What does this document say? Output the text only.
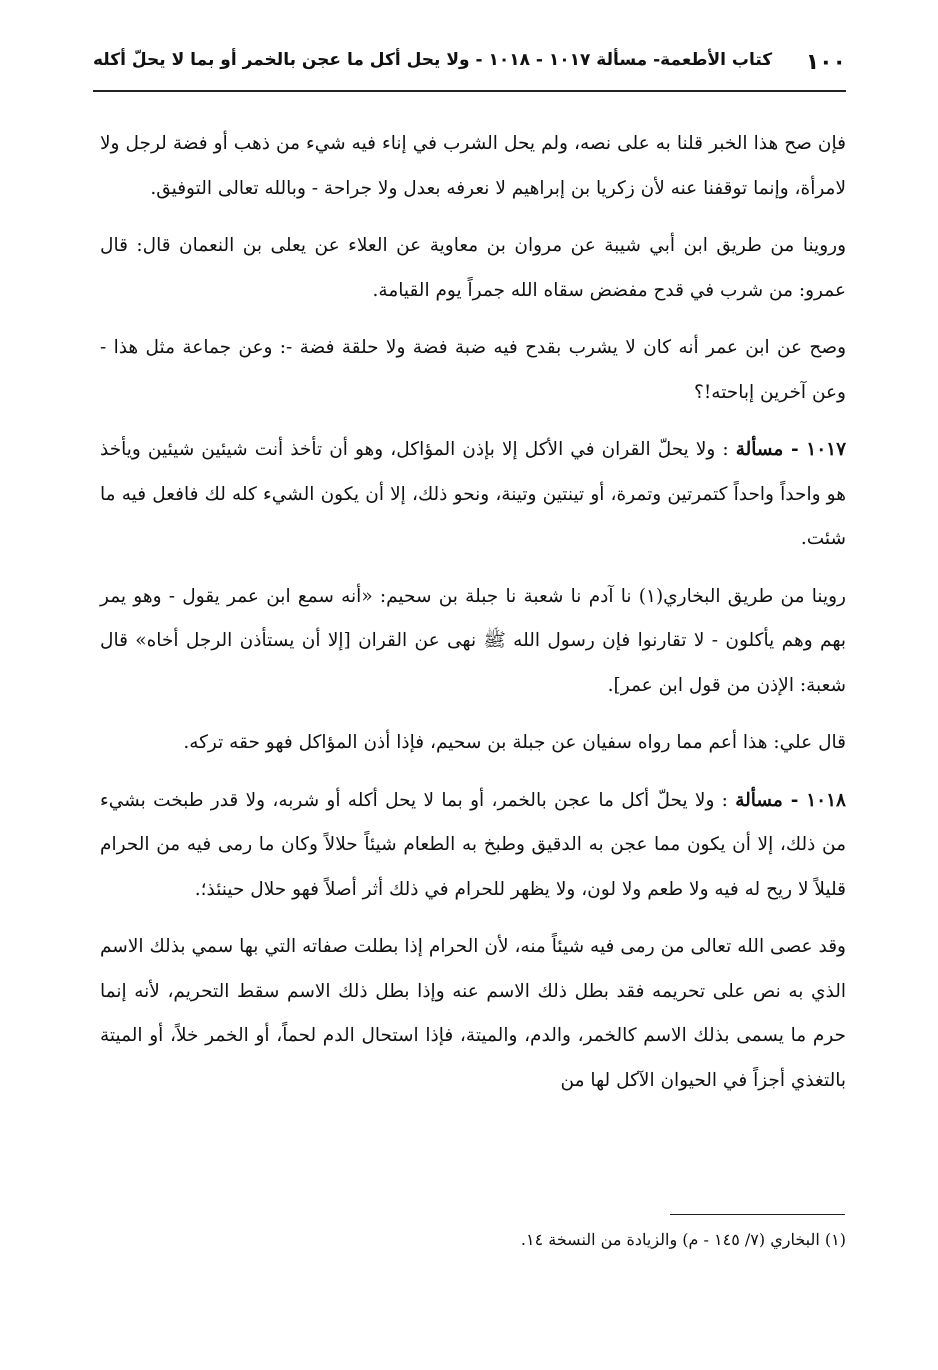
١٠٠
كتاب الأطعمة- مسألة ١٠١٧ - ١٠١٨ - ولا يحل أكل ما عجن بالخمر أو بما لا يحلّ أكله

فإن صح هذا الخبر قلنا به على نصه، ولم يحل الشرب في إناء فيه شيء من ذهب أو فضة لرجل ولا لامرأة، وإنما توقفنا عنه لأن زكريا بن إبراهيم لا نعرفه بعدل ولا جراحة - وبالله تعالى التوفيق.

وروينا من طريق ابن أبي شيبة عن مروان بن معاوية عن العلاء عن يعلى بن النعمان قال: قال عمرو: من شرب في قدح مفضض سقاه الله جمراً يوم القيامة.

وصح عن ابن عمر أنه كان لا يشرب بقدح فيه ضبة فضة ولا حلقة فضة -: وعن جماعة مثل هذا - وعن آخرين إباحته!؟

١٠١٧ - مسألة : ولا يحلّ القران في الأكل إلا بإذن المؤاكل، وهو أن تأخذ أنت شيئين شيئين ويأخذ هو واحداً واحداً كتمرتين وتمرة، أو تينتين وتينة، ونحو ذلك، إلا أن يكون الشيء كله لك فافعل فيه ما شئت.

روينا من طريق البخاري(١) نا آدم نا شعبة نا جبلة بن سحيم: «أنه سمع ابن عمر يقول - وهو يمر بهم وهم يأكلون - لا تقارنوا فإن رسول الله ﷺ نهى عن القران [إلا أن يستأذن الرجل أخاه» قال شعبة: الإذن من قول ابن عمر].

قال علي: هذا أعم مما رواه سفيان عن جبلة بن سحيم، فإذا أذن المؤاكل فهو حقه تركه.

١٠١٨ - مسألة : ولا يحلّ أكل ما عجن بالخمر، أو بما لا يحل أكله أو شربه، ولا قدر طبخت بشيء من ذلك، إلا أن يكون مما عجن به الدقيق وطبخ به الطعام شيئاً حلالاً وكان ما رمى فيه من الحرام قليلاً لا ريح له فيه ولا طعم ولا لون، ولا يظهر للحرام في ذلك أثر أصلاً فهو حلال حينئذ؛.

وقد عصى الله تعالى من رمى فيه شيئاً منه، لأن الحرام إذا بطلت صفاته التي بها سمي بذلك الاسم الذي به نص على تحريمه فقد بطل ذلك الاسم عنه وإذا بطل ذلك الاسم سقط التحريم، لأنه إنما حرم ما يسمى بذلك الاسم كالخمر، والدم، والميتة، فإذا استحال الدم لحماً، أو الخمر خلاً، أو الميتة بالتغذي أجزاً في الحيوان الآكل لها من

(١) البخاري (٧/ ١٤٥ - م) والزيادة من النسخة ١٤.
